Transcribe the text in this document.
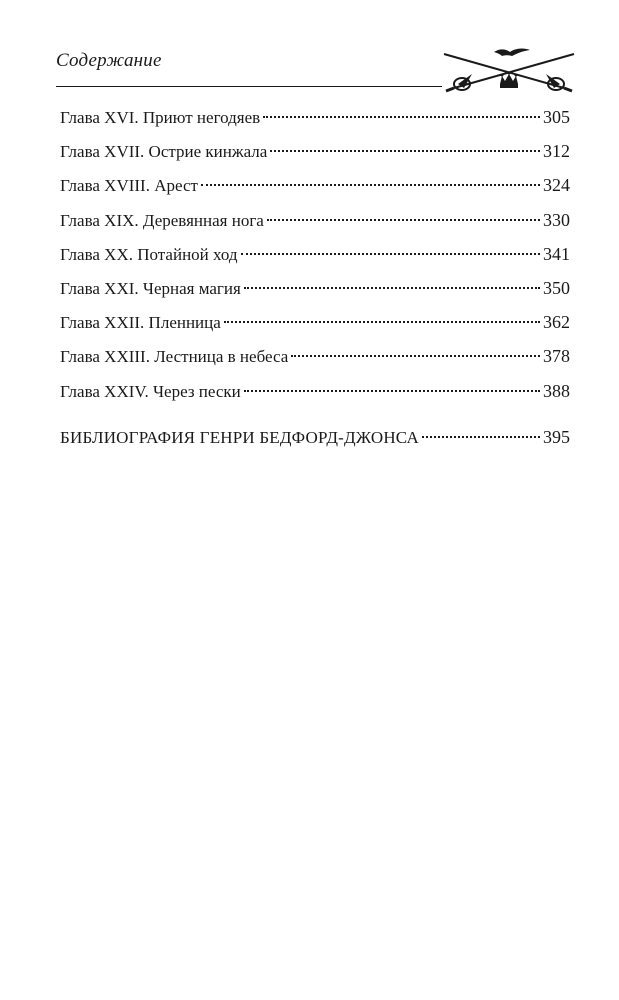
Содержание
Глава XVI. Приют негодяев	305
Глава XVII. Острие кинжала	312
Глава XVIII. Арест	324
Глава XIX. Деревянная нога	330
Глава XX. Потайной ход	341
Глава XXI. Черная магия	350
Глава XXII. Пленница	362
Глава XXIII. Лестница в небеса	378
Глава XXIV. Через пески	388
БИБЛИОГРАФИЯ ГЕНРИ БЕДФОРД-ДЖОНСА	395
